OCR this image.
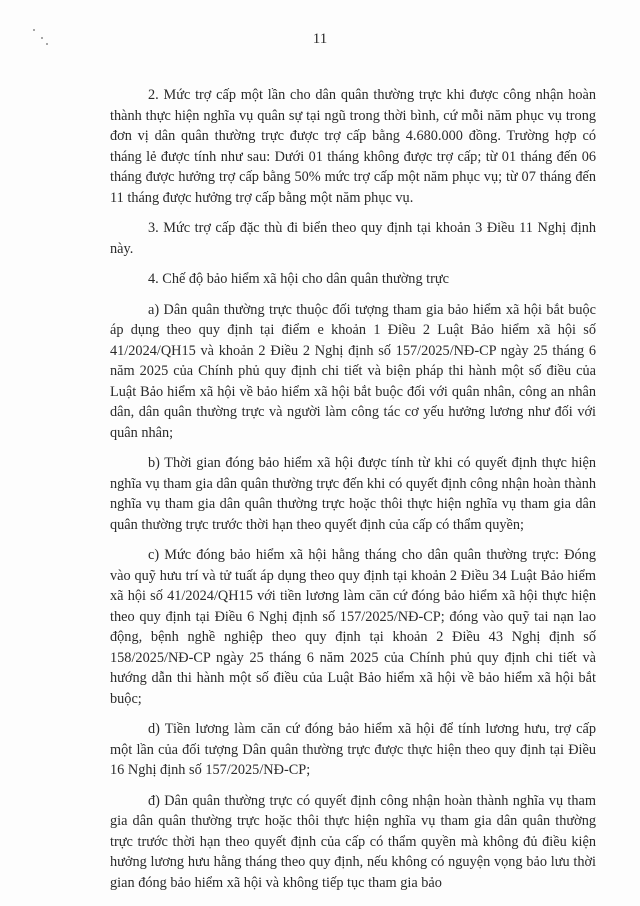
11

2. Mức trợ cấp một lần cho dân quân thường trực khi được công nhận hoàn thành thực hiện nghĩa vụ quân sự tại ngũ trong thời bình, cứ mỗi năm phục vụ trong đơn vị dân quân thường trực được trợ cấp bằng 4.680.000 đồng. Trường hợp có tháng lẻ được tính như sau: Dưới 01 tháng không được trợ cấp; từ 01 tháng đến 06 tháng được hưởng trợ cấp bằng 50% mức trợ cấp một năm phục vụ; từ 07 tháng đến 11 tháng được hưởng trợ cấp bằng một năm phục vụ.

3. Mức trợ cấp đặc thù đi biển theo quy định tại khoản 3 Điều 11 Nghị định này.

4. Chế độ bảo hiểm xã hội cho dân quân thường trực

a) Dân quân thường trực thuộc đối tượng tham gia bảo hiểm xã hội bắt buộc áp dụng theo quy định tại điểm e khoản 1 Điều 2 Luật Bảo hiểm xã hội số 41/2024/QH15 và khoản 2 Điều 2 Nghị định số 157/2025/NĐ-CP ngày 25 tháng 6 năm 2025 của Chính phủ quy định chi tiết và biện pháp thi hành một số điều của Luật Bảo hiểm xã hội về bảo hiểm xã hội bắt buộc đối với quân nhân, công an nhân dân, dân quân thường trực và người làm công tác cơ yếu hưởng lương như đối với quân nhân;

b) Thời gian đóng bảo hiểm xã hội được tính từ khi có quyết định thực hiện nghĩa vụ tham gia dân quân thường trực đến khi có quyết định công nhận hoàn thành nghĩa vụ tham gia dân quân thường trực hoặc thôi thực hiện nghĩa vụ tham gia dân quân thường trực trước thời hạn theo quyết định của cấp có thẩm quyền;

c) Mức đóng bảo hiểm xã hội hằng tháng cho dân quân thường trực: Đóng vào quỹ hưu trí và tử tuất áp dụng theo quy định tại khoản 2 Điều 34 Luật Bảo hiểm xã hội số 41/2024/QH15 với tiền lương làm căn cứ đóng bảo hiểm xã hội thực hiện theo quy định tại Điều 6 Nghị định số 157/2025/NĐ-CP; đóng vào quỹ tai nạn lao động, bệnh nghề nghiệp theo quy định tại khoản 2 Điều 43 Nghị định số 158/2025/NĐ-CP ngày 25 tháng 6 năm 2025 của Chính phủ quy định chi tiết và hướng dẫn thi hành một số điều của Luật Bảo hiểm xã hội về bảo hiểm xã hội bắt buộc;

d) Tiền lương làm căn cứ đóng bảo hiểm xã hội để tính lương hưu, trợ cấp một lần của đối tượng Dân quân thường trực được thực hiện theo quy định tại Điều 16 Nghị định số 157/2025/NĐ-CP;

đ) Dân quân thường trực có quyết định công nhận hoàn thành nghĩa vụ tham gia dân quân thường trực hoặc thôi thực hiện nghĩa vụ tham gia dân quân thường trực trước thời hạn theo quyết định của cấp có thẩm quyền mà không đủ điều kiện hưởng lương hưu hằng tháng theo quy định, nếu không có nguyện vọng bảo lưu thời gian đóng bảo hiểm xã hội và không tiếp tục tham gia bảo
